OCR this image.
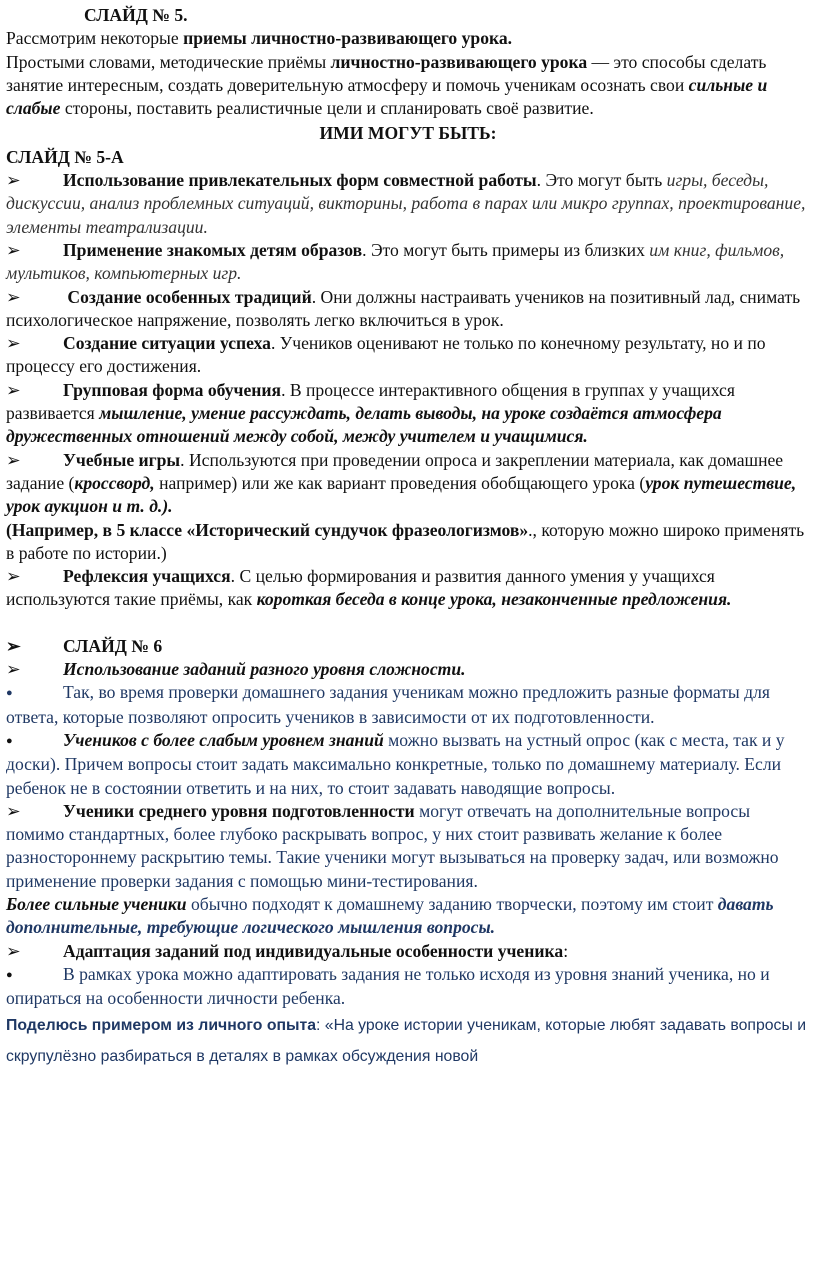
СЛАЙД № 5.

Рассмотрим некоторые приемы личностно-развивающего урока.

Простыми словами, методические приёмы личностно-развивающего урока — это способы сделать занятие интересным, создать доверительную атмосферу и помочь ученикам осознать свои сильные и слабые стороны, поставить реалистичные цели и спланировать своё развитие.

ИМИ МОГУТ БЫТЬ:

СЛАЙД № 5-А

➢ Использование привлекательных форм совместной работы. Это могут быть игры, беседы, дискуссии, анализ проблемных ситуаций, викторины, работа в парах или микро группах, проектирование, элементы театрализации.

➢ Применение знакомых детям образов. Это могут быть примеры из близких им книг, фильмов, мультиков, компьютерных игр.

➢ Создание особенных традиций. Они должны настраивать учеников на позитивный лад, снимать психологическое напряжение, позволять легко включиться в урок.

➢ Создание ситуации успеха. Учеников оценивают не только по конечному результату, но и по процессу его достижения.

➢ Групповая форма обучения. В процессе интерактивного общения в группах у учащихся развивается мышление, умение рассуждать, делать выводы, на уроке создаётся атмосфера дружественных отношений между собой, между учителем и учащимися.

➢ Учебные игры. Используются при проведении опроса и закреплении материала, как домашнее задание (кроссворд, например) или же как вариант проведения обобщающего урока (урок путешествие, урок аукцион и т. д.).

(Например, в 5 классе «Исторический сундучок фразеологизмов»., которую можно широко применять в работе по истории.)

➢ Рефлексия учащихся. С целью формирования и развития данного умения у учащихся используются такие приёмы, как короткая беседа в конце урока, незаконченные предложения.

➢ СЛАЙД № 6

➢ Использование заданий разного уровня сложности.

●	Так, во время проверки домашнего задания ученикам можно предложить разные форматы для ответа, которые позволяют опросить учеников в зависимости от их подготовленности.

●	Учеников с более слабым уровнем знаний можно вызвать на устный опрос (как с места, так и у доски). Причем вопросы стоит задать максимально конкретные, только по домашнему материалу. Если ребенок не в состоянии ответить и на них, то стоит задавать наводящие вопросы.

➢ Ученики среднего уровня подготовленности могут отвечать на дополнительные вопросы помимо стандартных, более глубоко раскрывать вопрос, у них стоит развивать желание к более разностороннему раскрытию темы. Такие ученики могут вызываться на проверку задач, или возможно применение проверки задания с помощью мини-тестирования.

Более сильные ученики обычно подходят к домашнему заданию творчески, поэтому им стоит давать дополнительные, требующие логического мышления вопросы.

➢ Адаптация заданий под индивидуальные особенности ученика:

●	В рамках урока можно адаптировать задания не только исходя из уровня знаний ученика, но и опираться на особенности личности ребенка.

Поделюсь примером из личного опыта: «На уроке истории ученикам, которые любят задавать вопросы и скрупулёзно разбираться в деталях в рамках обсуждения новой
